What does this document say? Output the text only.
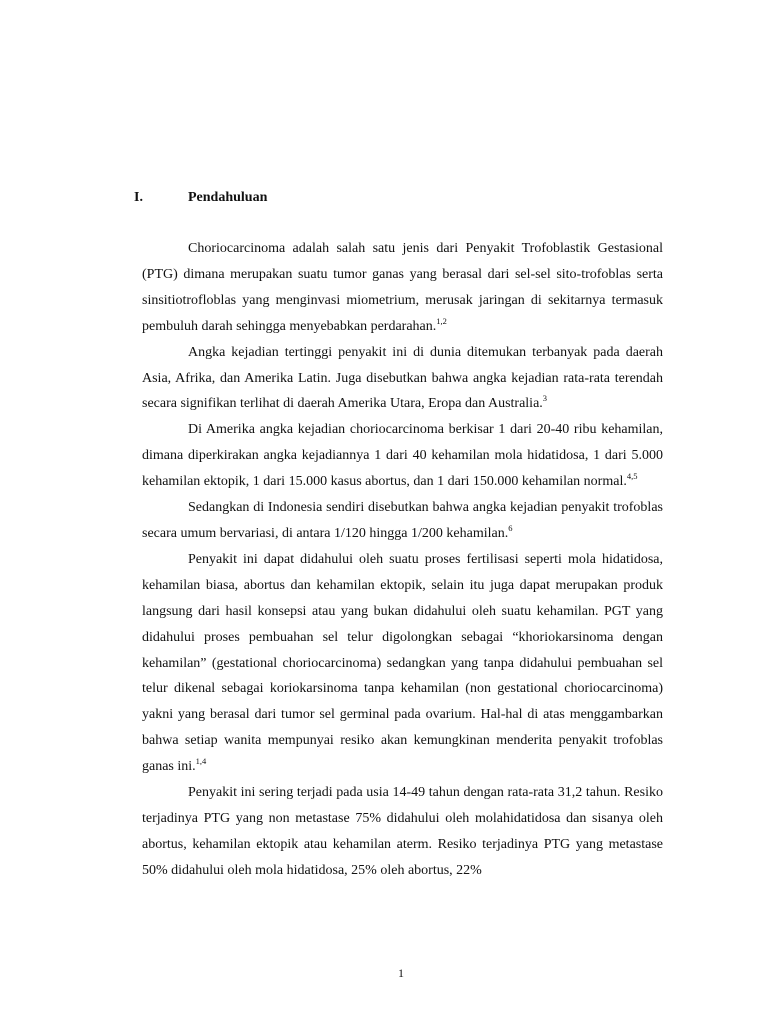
I.	Pendahuluan

Choriocarcinoma adalah salah satu jenis dari Penyakit Trofoblastik Gestasional (PTG) dimana merupakan suatu tumor ganas yang berasal dari sel-sel sito-trofoblas serta sinsitiotrofloblas yang menginvasi miometrium, merusak jaringan di sekitarnya termasuk pembuluh darah sehingga menyebabkan perdarahan.$^{1,2}$

Angka kejadian tertinggi penyakit ini di dunia ditemukan terbanyak pada daerah Asia, Afrika, dan Amerika Latin. Juga disebutkan bahwa angka kejadian rata-rata terendah secara signifikan terlihat di daerah Amerika Utara, Eropa dan Australia.$^3$

Di Amerika angka kejadian choriocarcinoma berkisar 1 dari 20-40 ribu kehamilan, dimana diperkirakan angka kejadiannya 1 dari 40 kehamilan mola hidatidosa, 1 dari 5.000 kehamilan ektopik, 1 dari 15.000 kasus abortus, dan 1 dari 150.000 kehamilan normal.$^{4,5}$

Sedangkan di Indonesia sendiri disebutkan bahwa angka kejadian penyakit trofoblas secara umum bervariasi, di antara 1/120 hingga 1/200 kehamilan.$^6$

Penyakit ini dapat didahului oleh suatu proses fertilisasi seperti mola hidatidosa, kehamilan biasa, abortus dan kehamilan ektopik, selain itu juga dapat merupakan produk langsung dari hasil konsepsi atau yang bukan didahului oleh suatu kehamilan. PGT yang didahului proses pembuahan sel telur digolongkan sebagai “khoriokarsinoma dengan kehamilan” (gestational choriocarcinoma) sedangkan yang tanpa didahului pembuahan sel telur dikenal sebagai koriokarsinoma tanpa kehamilan (non gestational choriocarcinoma) yakni yang berasal dari tumor sel germinal pada ovarium. Hal-hal di atas menggambarkan bahwa setiap wanita mempunyai resiko akan kemungkinan menderita penyakit trofoblas ganas ini.$^{1,4}$

Penyakit ini sering terjadi pada usia 14-49 tahun dengan rata-rata 31,2 tahun. Resiko terjadinya PTG yang non metastase 75% didahului oleh molahidatidosa dan sisanya oleh abortus, kehamilan ektopik atau kehamilan aterm. Resiko terjadinya PTG yang metastase 50% didahului oleh mola hidatidosa, 25% oleh abortus, 22%

1
